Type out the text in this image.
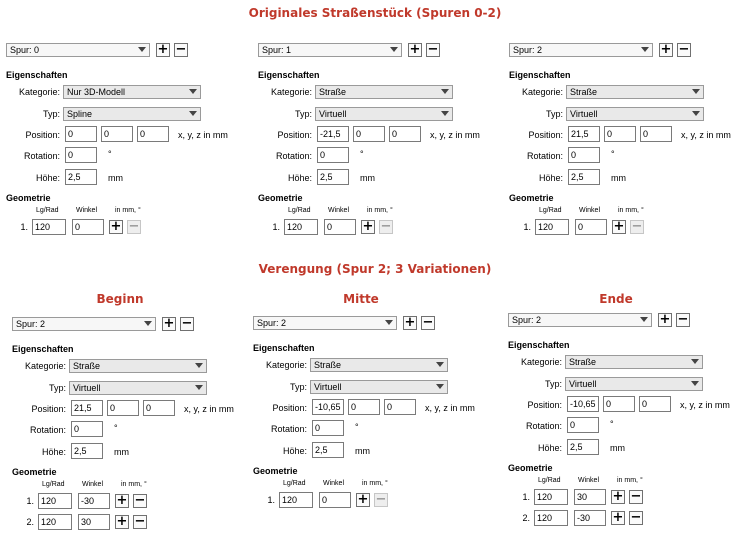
Originales Straßenstück (Spuren 0-2)
Verengung (Spur 2; 3 Variationen)
Spur: 0	+ −
Eigenschaften
Kategorie: Nur 3D-Modell
Typ: Spline
Position: 0	0	0	x, y, z in mm
Rotation: 0	°
Höhe: 2,5	mm
Geometrie
Lg/Rad Winkel	in mm, °
1. 120	0	+ −
Spur: 1	+ −
Eigenschaften
Kategorie: Straße
Typ: Virtuell
Position: -21,5	0	0	x, y, z in mm
Rotation: 0	°
Höhe: 2,5	mm
Geometrie
Lg/Rad Winkel	in mm, °
1. 120	0	+ −
Spur: 2	+ −
Eigenschaften
Kategorie: Straße
Typ: Virtuell
Position: 21,5	0	0	x, y, z in mm
Rotation: 0	°
Höhe: 2,5	mm
Geometrie
Lg/Rad Winkel	in mm, °
1. 120	0	+ −
Beginn
Spur: 2	+ −
Eigenschaften
Kategorie: Straße
Typ: Virtuell
Position: 21,5	0	0	x, y, z in mm
Rotation: 0	°
Höhe: 2,5	mm
Geometrie
Lg/Rad Winkel	in mm, °
1. 120	-30	+ −
2. 120	30	+ −
Mitte
Spur: 2	+ −
Eigenschaften
Kategorie: Straße
Typ: Virtuell
Position: -10,65	0	0	x, y, z in mm
Rotation: 0	°
Höhe: 2,5	mm
Geometrie
Lg/Rad Winkel	in mm, °
1. 120	0	+ −
Ende
Spur: 2	+ −
Eigenschaften
Kategorie: Straße
Typ: Virtuell
Position: -10,65	0	0	x, y, z in mm
Rotation: 0	°
Höhe: 2,5	mm
Geometrie
Lg/Rad Winkel	in mm, °
1. 120	30	+ −
2. 120	-30	+ −
